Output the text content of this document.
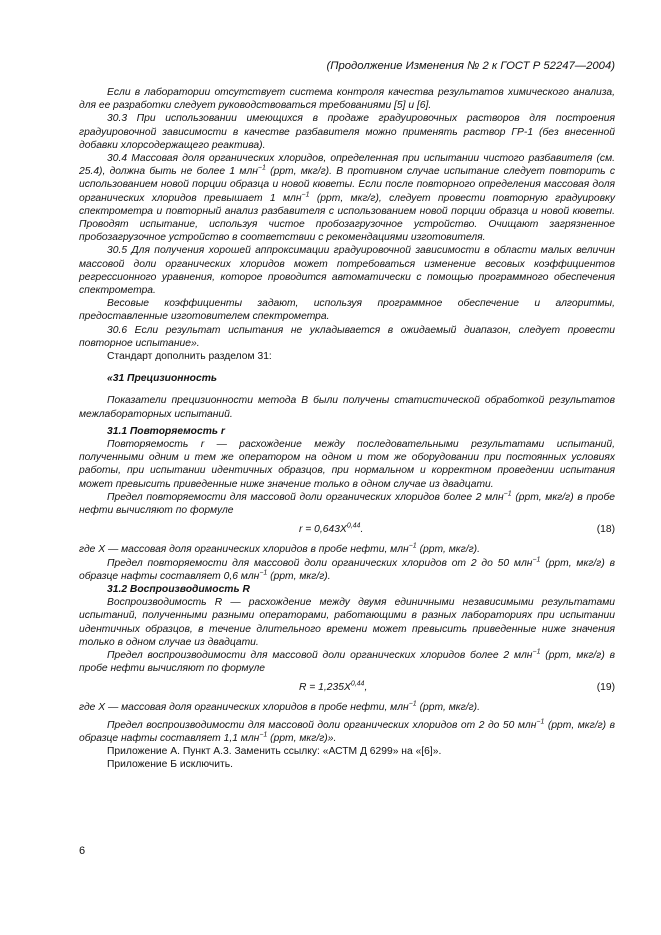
(Продолжение Изменения № 2 к ГОСТ Р 52247—2004)

Если в лаборатории отсутствует система контроля качества результатов химического анализа, для ее разработки следует руководствоваться требованиями [5] и [6].

30.3 При использовании имеющихся в продаже градуировочных растворов для построения градуировочной зависимости в качестве разбавителя можно применять раствор ГР-1 (без внесенной добавки хлорсодержащего реактива).

30.4 Массовая доля органических хлоридов, определенная при испытании чистого разбавителя (см. 25.4), должна быть не более 1 млн$^{-1}$ (ppm, мкг/г). В противном случае испытание следует повторить с использованием новой порции образца и новой кюветы. Если после повторного определения массовая доля органических хлоридов превышает 1 млн$^{-1}$ (ppm, мкг/г), следует провести повторную градуировку спектрометра и повторный анализ разбавителя с использованием новой порции образца и новой кюветы. Проводят испытание, используя чистое пробозагрузочное устройство. Очищают загрязненное пробозагрузочное устройство в соответствии с рекомендациями изготовителя.

30.5 Для получения хорошей аппроксимации градуировочной зависимости в области малых величин массовой доли органических хлоридов может потребоваться изменение весовых коэффициентов регрессионного уравнения, которое проводится автоматически с помощью программного обеспечения спектрометра.

Весовые коэффициенты задают, используя программное обеспечение и алгоритмы, предоставленные изготовителем спектрометра.

30.6 Если результат испытания не укладывается в ожидаемый диапазон, следует провести повторное испытание».

Стандарт дополнить разделом 31:

«31 Прецизионность

Показатели прецизионности метода В были получены статистической обработкой результатов межлабораторных испытаний.

31.1 Повторяемость r

Повторяемость r — расхождение между последовательными результатами испытаний, полученными одним и тем же оператором на одном и том же оборудовании при постоянных условиях работы, при испытании идентичных образцов, при нормальном и корректном проведении испытания может превысить приведенные ниже значение только в одном случае из двадцати.

Предел повторяемости для массовой доли органических хлоридов более 2 млн$^{-1}$ (ppm, мкг/г) в пробе нефти вычисляют по формуле

$r = 0,643X^{0,44}$.	(18)

где X — массовая доля органических хлоридов в пробе нефти, млн$^{-1}$ (ppm, мкг/г).

Предел повторяемости для массовой доли органических хлоридов от 2 до 50 млн$^{-1}$ (ppm, мкг/г) в образце нафты составляет 0,6 млн$^{-1}$ (ppm, мкг/г).

31.2 Воспроизводимость R

Воспроизводимость R — расхождение между двумя единичными независимыми результатами испытаний, полученными разными операторами, работающими в разных лабораториях при испытании идентичных образцов, в течение длительного времени может превысить приведенные ниже значения только в одном случае из двадцати.

Предел воспроизводимости для массовой доли органических хлоридов более 2 млн$^{-1}$ (ppm, мкг/г) в пробе нефти вычисляют по формуле

$R = 1,235X^{0,44}$,	(19)

где X — массовая доля органических хлоридов в пробе нефти, млн$^{-1}$ (ppm, мкг/г).

Предел воспроизводимости для массовой доли органических хлоридов от 2 до 50 млн$^{-1}$ (ppm, мкг/г) в образце нафты составляет 1,1 млн$^{-1}$ (ppm, мкг/г)».

Приложение А. Пункт А.3. Заменить ссылку: «АСТМ Д 6299» на «[6]».

Приложение Б исключить.

6
